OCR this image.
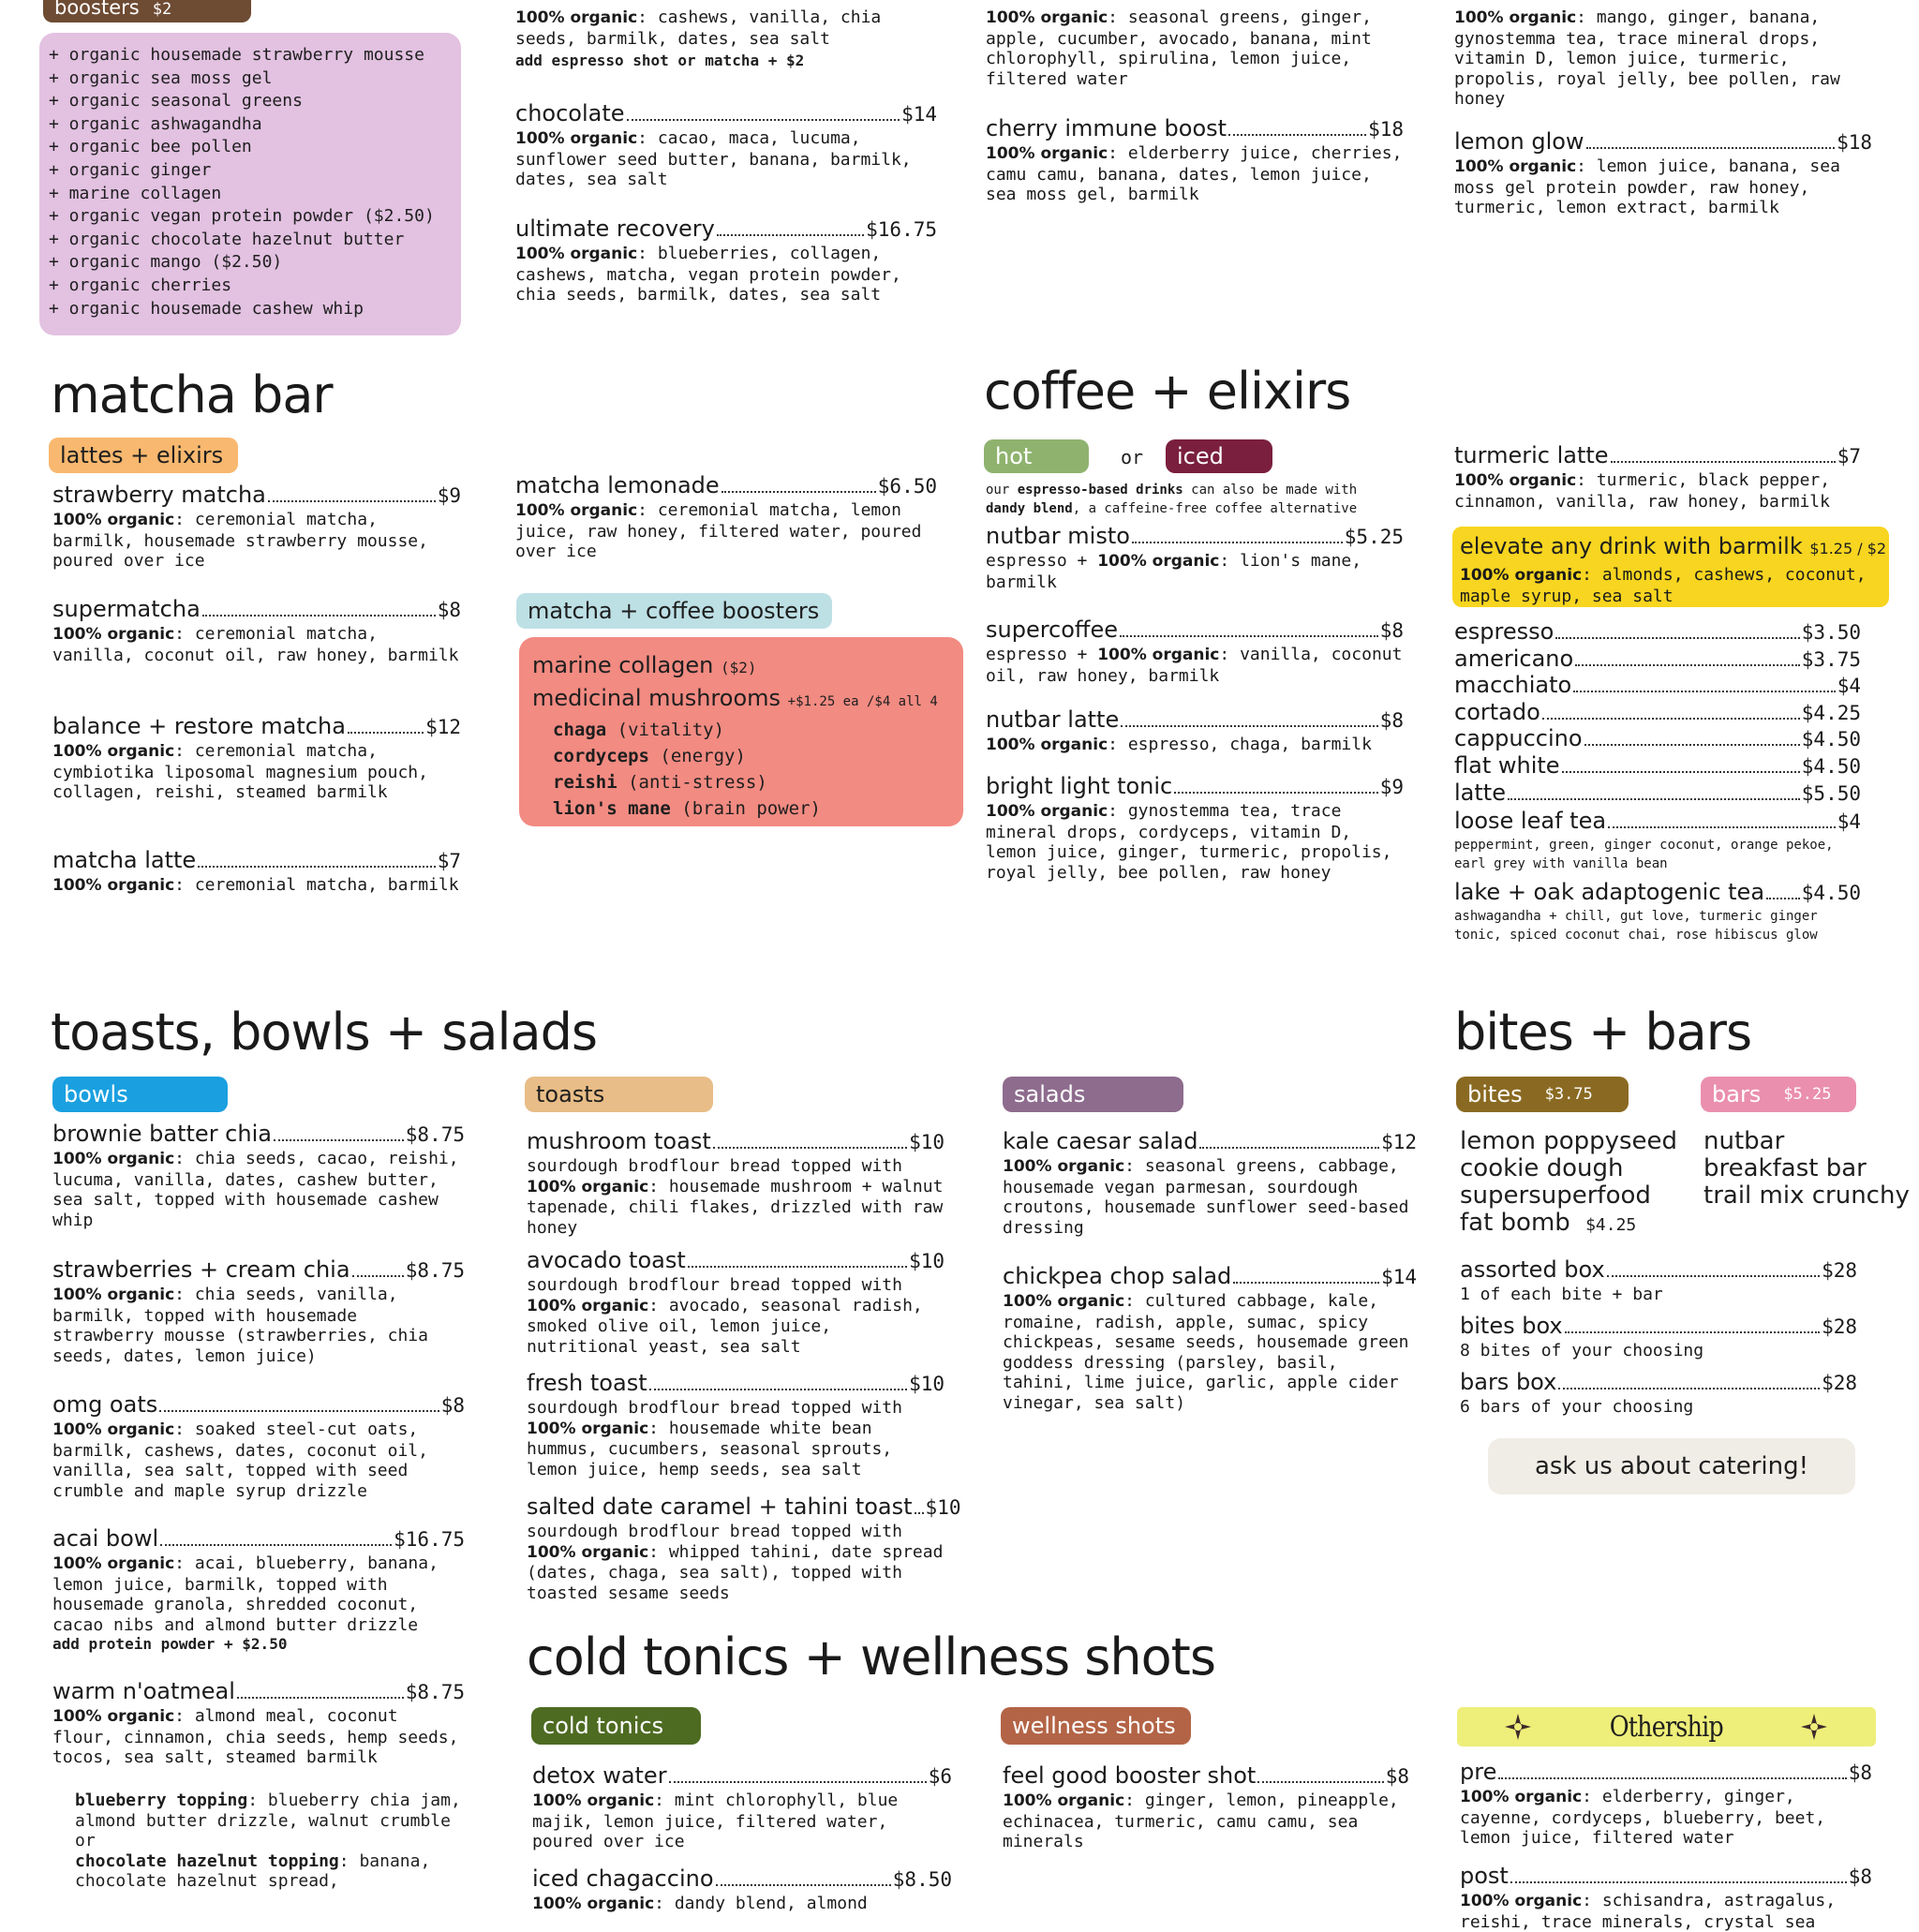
boosters $2
+ organic housemade strawberry mousse
+ organic sea moss gel
+ organic seasonal greens
+ organic ashwagandha
+ organic bee pollen
+ organic ginger
+ marine collagen
+ organic vegan protein powder ($2.50)
+ organic chocolate hazelnut butter
+ organic mango ($2.50)
+ organic cherries
+ organic housemade cashew whip
100% organic: cashews, vanilla, chia seeds, barmilk, dates, sea salt
add espresso shot or matcha + $2
chocolate	$14
100% organic: cacao, maca, lucuma, sunflower seed butter, banana, barmilk, dates, sea salt
ultimate recovery	$16.75
100% organic: blueberries, collagen, cashews, matcha, vegan protein powder, chia seeds, barmilk, dates, sea salt
100% organic: seasonal greens, ginger, apple, cucumber, avocado, banana, mint chlorophyll, spirulina, lemon juice, filtered water
cherry immune boost	$18
100% organic: elderberry juice, cherries, camu camu, banana, dates, lemon juice, sea moss gel, barmilk
100% organic: mango, ginger, banana, gynostemma tea, trace mineral drops, vitamin D, lemon juice, turmeric, propolis, royal jelly, bee pollen, raw honey
lemon glow	$18
100% organic: lemon juice, banana, sea moss gel protein powder, raw honey, turmeric, lemon extract, barmilk
matcha bar
lattes + elixirs
strawberry matcha	$9
100% organic: ceremonial matcha, barmilk, housemade strawberry mousse, poured over ice
supermatcha	$8
100% organic: ceremonial matcha, vanilla, coconut oil, raw honey, barmilk
balance + restore matcha	$12
100% organic: ceremonial matcha, cymbiotika liposomal magnesium pouch, collagen, reishi, steamed barmilk
matcha latte	$7
100% organic: ceremonial matcha, barmilk
matcha lemonade	$6.50
100% organic: ceremonial matcha, lemon juice, raw honey, filtered water, poured over ice
matcha + coffee boosters
marine collagen ($2)
medicinal mushrooms +$1.25 ea /$4 all 4
chaga (vitality)
cordyceps (energy)
reishi (anti-stress)
lion's mane (brain power)
coffee + elixirs
hot	or iced
our espresso-based drinks can also be made with dandy blend, a caffeine-free coffee alternative
nutbar misto	$5.25
espresso + 100% organic: lion's mane, barmilk
supercoffee	$8
espresso + 100% organic: vanilla, coconut oil, raw honey, barmilk
nutbar latte	$8
100% organic: espresso, chaga, barmilk
bright light tonic	$9
100% organic: gynostemma tea, trace mineral drops, cordyceps, vitamin D, lemon juice, ginger, turmeric, propolis, royal jelly, bee pollen, raw honey
turmeric latte	$7
100% organic: turmeric, black pepper, cinnamon, vanilla, raw honey, barmilk
elevate any drink with barmilk $1.25 / $2
100% organic: almonds, cashews, coconut, maple syrup, sea salt
espresso	$3.50
americano	$3.75
macchiato	$4
cortado	$4.25
cappuccino	$4.50
flat white	$4.50
latte	$5.50
loose leaf tea	$4
peppermint, green, ginger coconut, orange pekoe, earl grey with vanilla bean
lake + oak adaptogenic tea $4.50
ashwagandha + chill, gut love, turmeric ginger tonic, spiced coconut chai, rose hibiscus glow
toasts, bowls + salads
bowls
brownie batter chia	$8.75
100% organic: chia seeds, cacao, reishi, lucuma, vanilla, dates, cashew butter, sea salt, topped with housemade cashew whip
strawberries + cream chia	$8.75
100% organic: chia seeds, vanilla, barmilk, topped with housemade strawberry mousse (strawberries, chia seeds, dates, lemon juice)
omg oats	$8
100% organic: soaked steel-cut oats, barmilk, cashews, dates, coconut oil, vanilla, sea salt, topped with seed crumble and maple syrup drizzle
acai bowl	$16.75
100% organic: acai, blueberry, banana, lemon juice, barmilk, topped with housemade granola, shredded coconut, cacao nibs and almond butter drizzle
add protein powder + $2.50
warm n'oatmeal	$8.75
100% organic: almond meal, coconut flour, cinnamon, chia seeds, hemp seeds, tocos, sea salt, steamed barmilk
blueberry topping: blueberry chia jam, almond butter drizzle, walnut crumble
or
chocolate hazelnut topping: banana, chocolate hazelnut spread,
toasts
mushroom toast	$10
sourdough brodflour bread topped with 100% organic: housemade mushroom + walnut tapenade, chili flakes, drizzled with raw honey
avocado toast	$10
sourdough brodflour bread topped with 100% organic: avocado, seasonal radish, smoked olive oil, lemon juice, nutritional yeast, sea salt
fresh toast	$10
sourdough brodflour bread topped with 100% organic: housemade white bean hummus, cucumbers, seasonal sprouts, lemon juice, hemp seeds, sea salt
salted date caramel + tahini toast $10
sourdough brodflour bread topped with 100% organic: whipped tahini, date spread (dates, chaga, sea salt), topped with toasted sesame seeds
salads
kale caesar salad	$12
100% organic: seasonal greens, cabbage, housemade vegan parmesan, sourdough croutons, housemade sunflower seed-based dressing
chickpea chop salad	$14
100% organic: cultured cabbage, kale, romaine, radish, apple, sumac, spicy chickpeas, sesame seeds, housemade green goddess dressing (parsley, basil, tahini, lime juice, garlic, apple cider vinegar, sea salt)
bites + bars
bites $3.75	bars $5.25
lemon poppyseed
cookie dough
supersuperfood
fat bomb $4.25
nutbar
breakfast bar
trail mix crunchy
assorted box	$28
1 of each bite + bar
bites box	$28
8 bites of your choosing
bars box	$28
6 bars of your choosing
ask us about catering!
cold tonics + wellness shots
cold tonics
detox water	$6
100% organic: mint chlorophyll, blue majik, lemon juice, filtered water, poured over ice
iced chagaccino	$8.50
100% organic: dandy blend, almond
wellness shots
feel good booster shot	$8
100% organic: ginger, lemon, pineapple, echinacea, turmeric, camu camu, sea minerals
Othership
pre	$8
100% organic: elderberry, ginger, cayenne, cordyceps, blueberry, beet, lemon juice, filtered water
post	$8
100% organic: schisandra, astragalus, reishi, trace minerals, crystal sea
